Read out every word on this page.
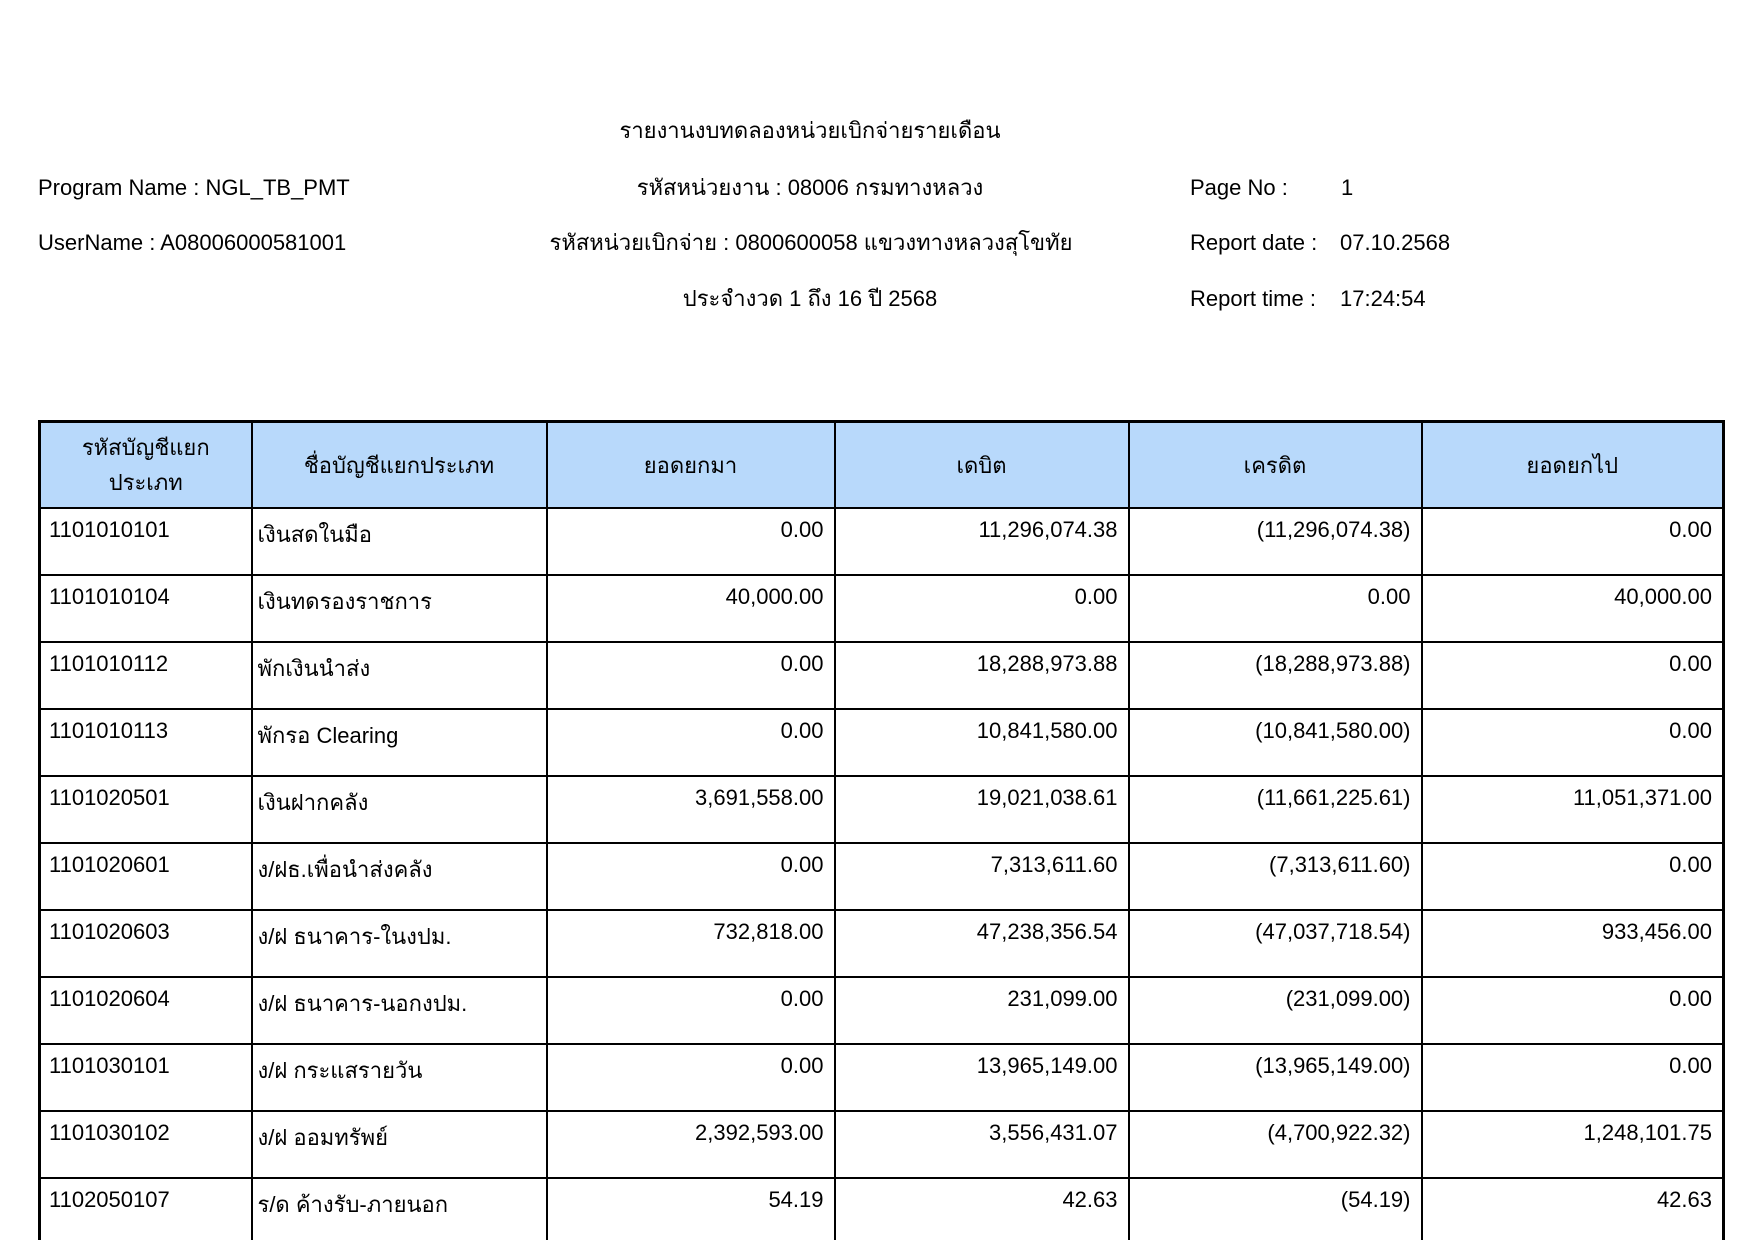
รายงานงบทดลองหน่วยเบิกจ่ายรายเดือน
Program Name : NGL_TB_PMT
UserName : A08006000581001
รหัสหน่วยงาน : 08006 กรมทางหลวง
รหัสหน่วยเบิกจ่าย : 0800600058 แขวงทางหลวงสุโขทัย
ประจำงวด 1 ถึง 16 ปี 2568
Page No : 1
Report date : 07.10.2568
Report time : 17:24:54
รหัสบัญชีแยกประเภท	ชื่อบัญชีแยกประเภท	ยอดยกมา	เดบิต	เครดิต	ยอดยกไป
1101010101	เงินสดในมือ	0.00	11,296,074.38	(11,296,074.38)	0.00
1101010104	เงินทดรองราชการ	40,000.00	0.00	0.00	40,000.00
1101010112	พักเงินนำส่ง	0.00	18,288,973.88	(18,288,973.88)	0.00
1101010113	พักรอ Clearing	0.00	10,841,580.00	(10,841,580.00)	0.00
1101020501	เงินฝากคลัง	3,691,558.00	19,021,038.61	(11,661,225.61)	11,051,371.00
1101020601	ง/ฝธ.เพื่อนำส่งคลัง	0.00	7,313,611.60	(7,313,611.60)	0.00
1101020603	ง/ฝ ธนาคาร-ในงปม.	732,818.00	47,238,356.54	(47,037,718.54)	933,456.00
1101020604	ง/ฝ ธนาคาร-นอกงปม.	0.00	231,099.00	(231,099.00)	0.00
1101030101	ง/ฝ กระแสรายวัน	0.00	13,965,149.00	(13,965,149.00)	0.00
1101030102	ง/ฝ ออมทรัพย์	2,392,593.00	3,556,431.07	(4,700,922.32)	1,248,101.75
1102050107	ร/ด ค้างรับ-ภายนอก	54.19	42.63	(54.19)	42.63
